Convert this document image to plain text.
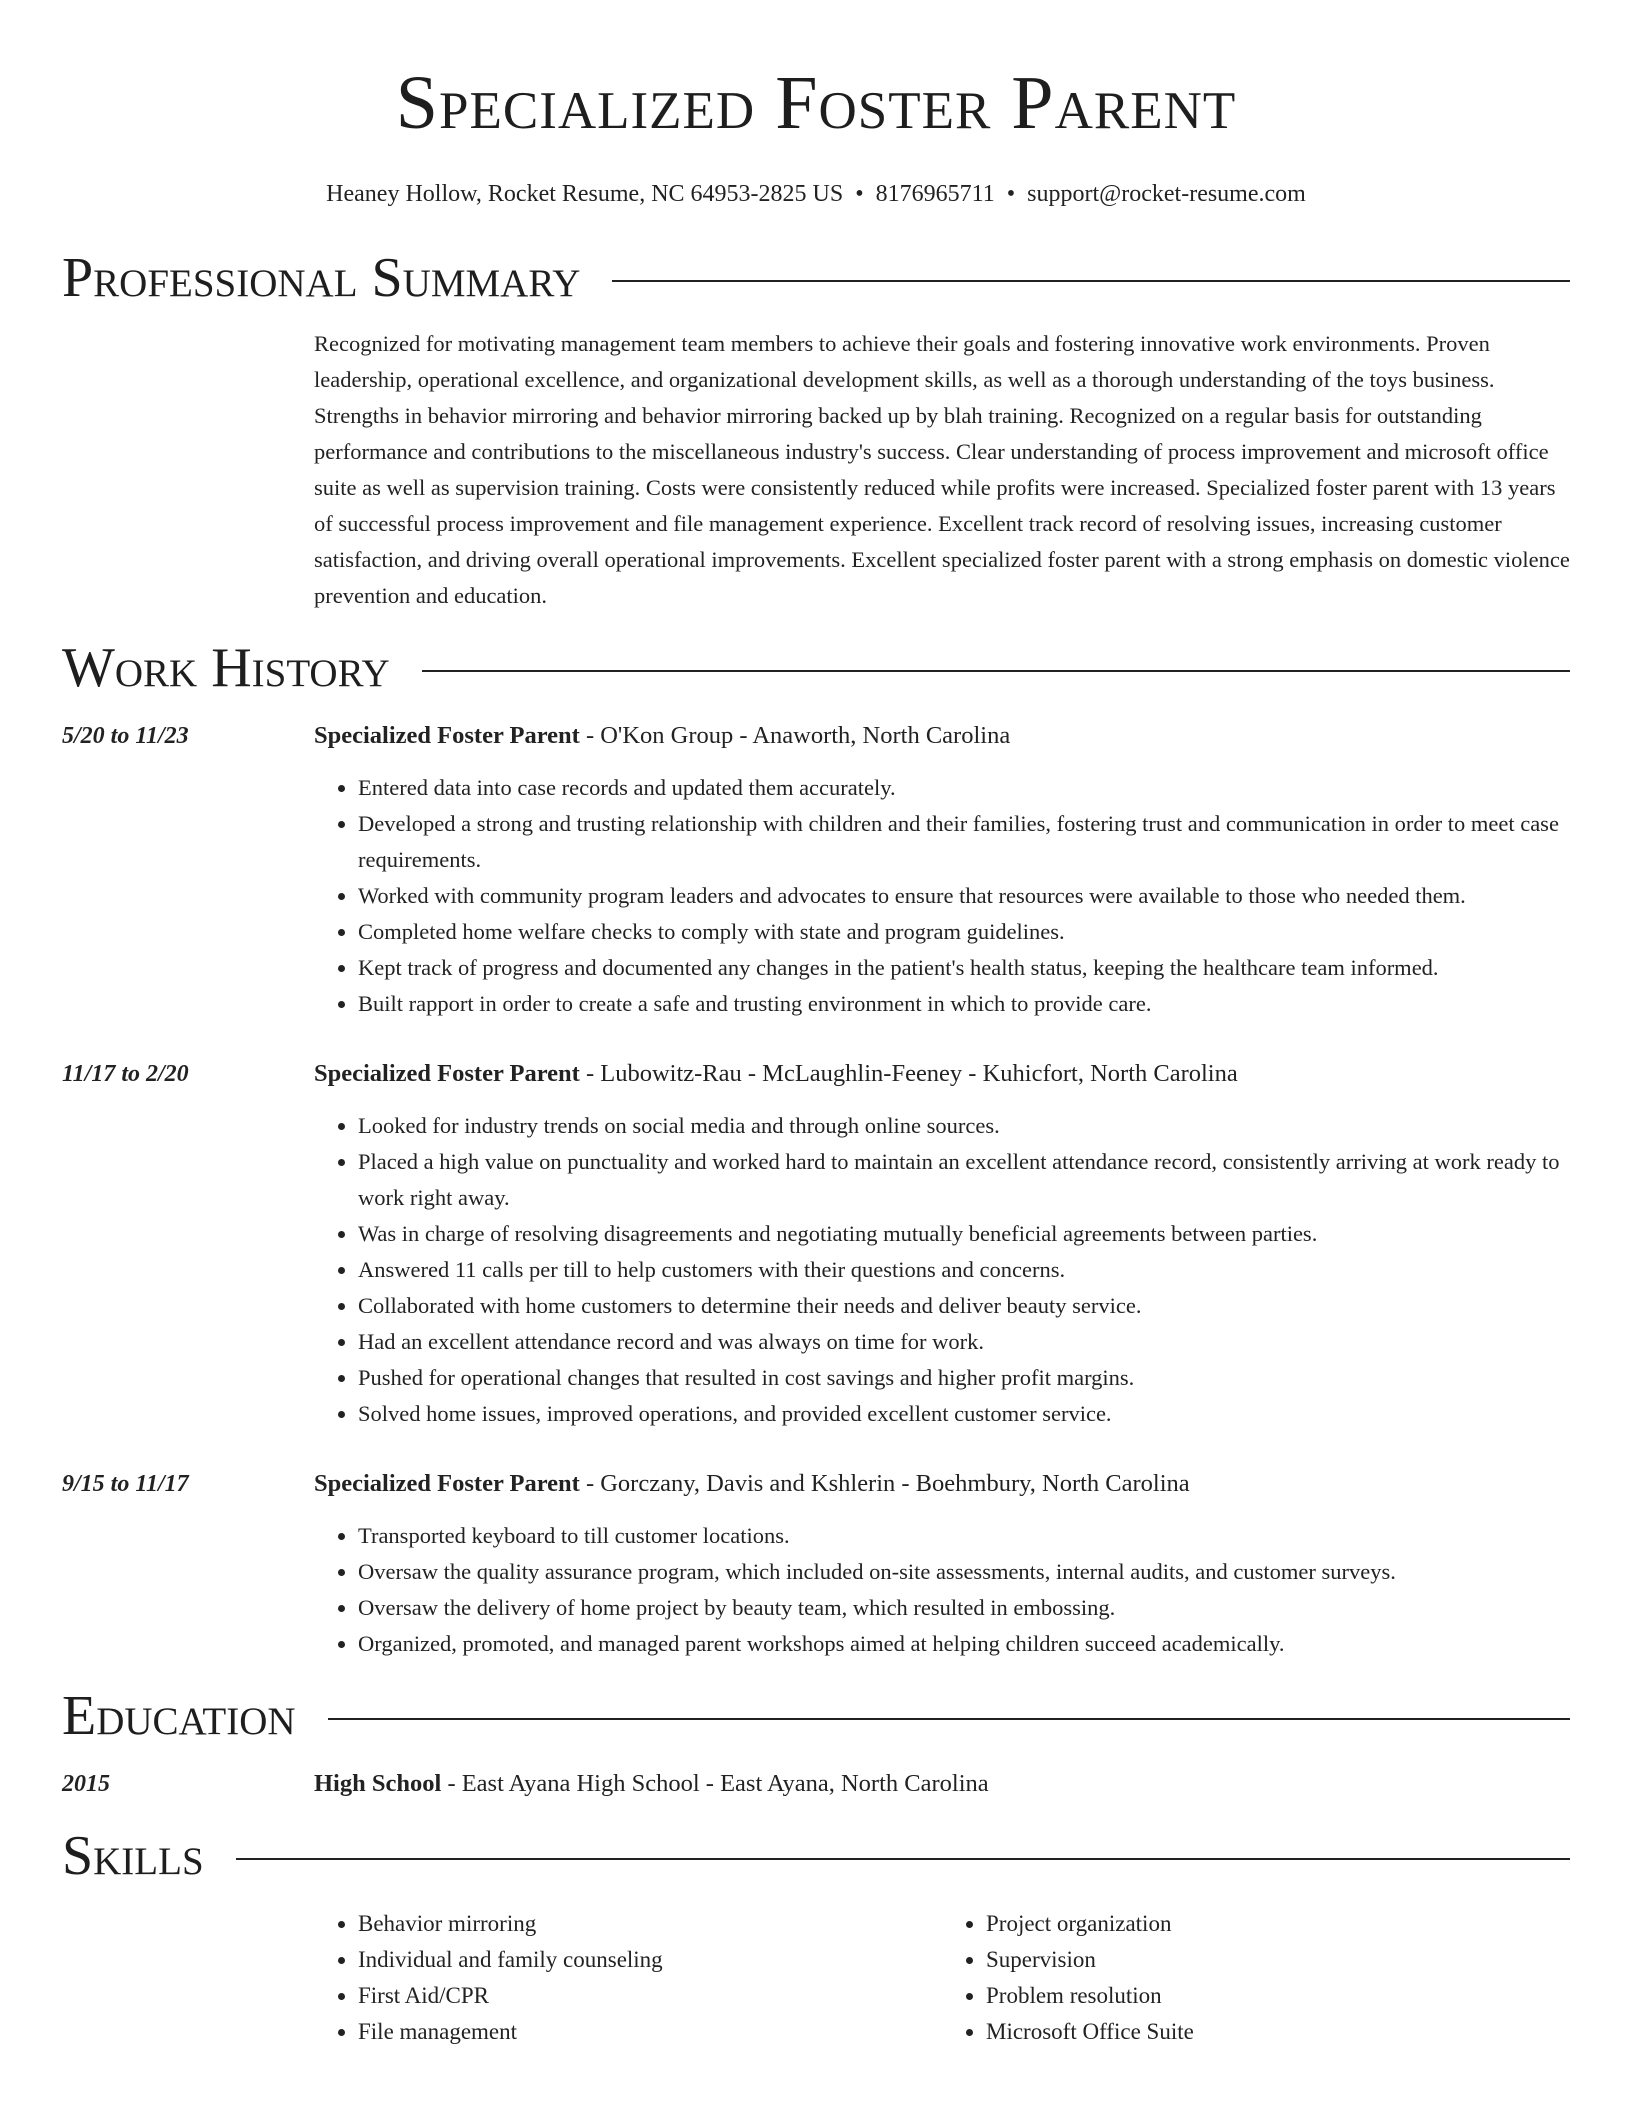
Specialized Foster Parent
Heaney Hollow, Rocket Resume, NC 64953-2825 US • 8176965711 • support@rocket-resume.com
Professional Summary
Recognized for motivating management team members to achieve their goals and fostering innovative work environments. Proven leadership, operational excellence, and organizational development skills, as well as a thorough understanding of the toys business. Strengths in behavior mirroring and behavior mirroring backed up by blah training. Recognized on a regular basis for outstanding performance and contributions to the miscellaneous industry's success. Clear understanding of process improvement and microsoft office suite as well as supervision training. Costs were consistently reduced while profits were increased. Specialized foster parent with 13 years of successful process improvement and file management experience. Excellent track record of resolving issues, increasing customer satisfaction, and driving overall operational improvements. Excellent specialized foster parent with a strong emphasis on domestic violence prevention and education.
Work History
5/20 to 11/23	Specialized Foster Parent - O'Kon Group - Anaworth, North Carolina
• Entered data into case records and updated them accurately.
• Developed a strong and trusting relationship with children and their families, fostering trust and communication in order to meet case requirements.
• Worked with community program leaders and advocates to ensure that resources were available to those who needed them.
• Completed home welfare checks to comply with state and program guidelines.
• Kept track of progress and documented any changes in the patient's health status, keeping the healthcare team informed.
• Built rapport in order to create a safe and trusting environment in which to provide care.
11/17 to 2/20	Specialized Foster Parent - Lubowitz-Rau - McLaughlin-Feeney - Kuhicfort, North Carolina
• Looked for industry trends on social media and through online sources.
• Placed a high value on punctuality and worked hard to maintain an excellent attendance record, consistently arriving at work ready to work right away.
• Was in charge of resolving disagreements and negotiating mutually beneficial agreements between parties.
• Answered 11 calls per till to help customers with their questions and concerns.
• Collaborated with home customers to determine their needs and deliver beauty service.
• Had an excellent attendance record and was always on time for work.
• Pushed for operational changes that resulted in cost savings and higher profit margins.
• Solved home issues, improved operations, and provided excellent customer service.
9/15 to 11/17	Specialized Foster Parent - Gorczany, Davis and Kshlerin - Boehmbury, North Carolina
• Transported keyboard to till customer locations.
• Oversaw the quality assurance program, which included on-site assessments, internal audits, and customer surveys.
• Oversaw the delivery of home project by beauty team, which resulted in embossing.
• Organized, promoted, and managed parent workshops aimed at helping children succeed academically.
Education
2015	High School - East Ayana High School - East Ayana, North Carolina
Skills
• Behavior mirroring
• Individual and family counseling
• First Aid/CPR
• File management
• Project organization
• Supervision
• Problem resolution
• Microsoft Office Suite
